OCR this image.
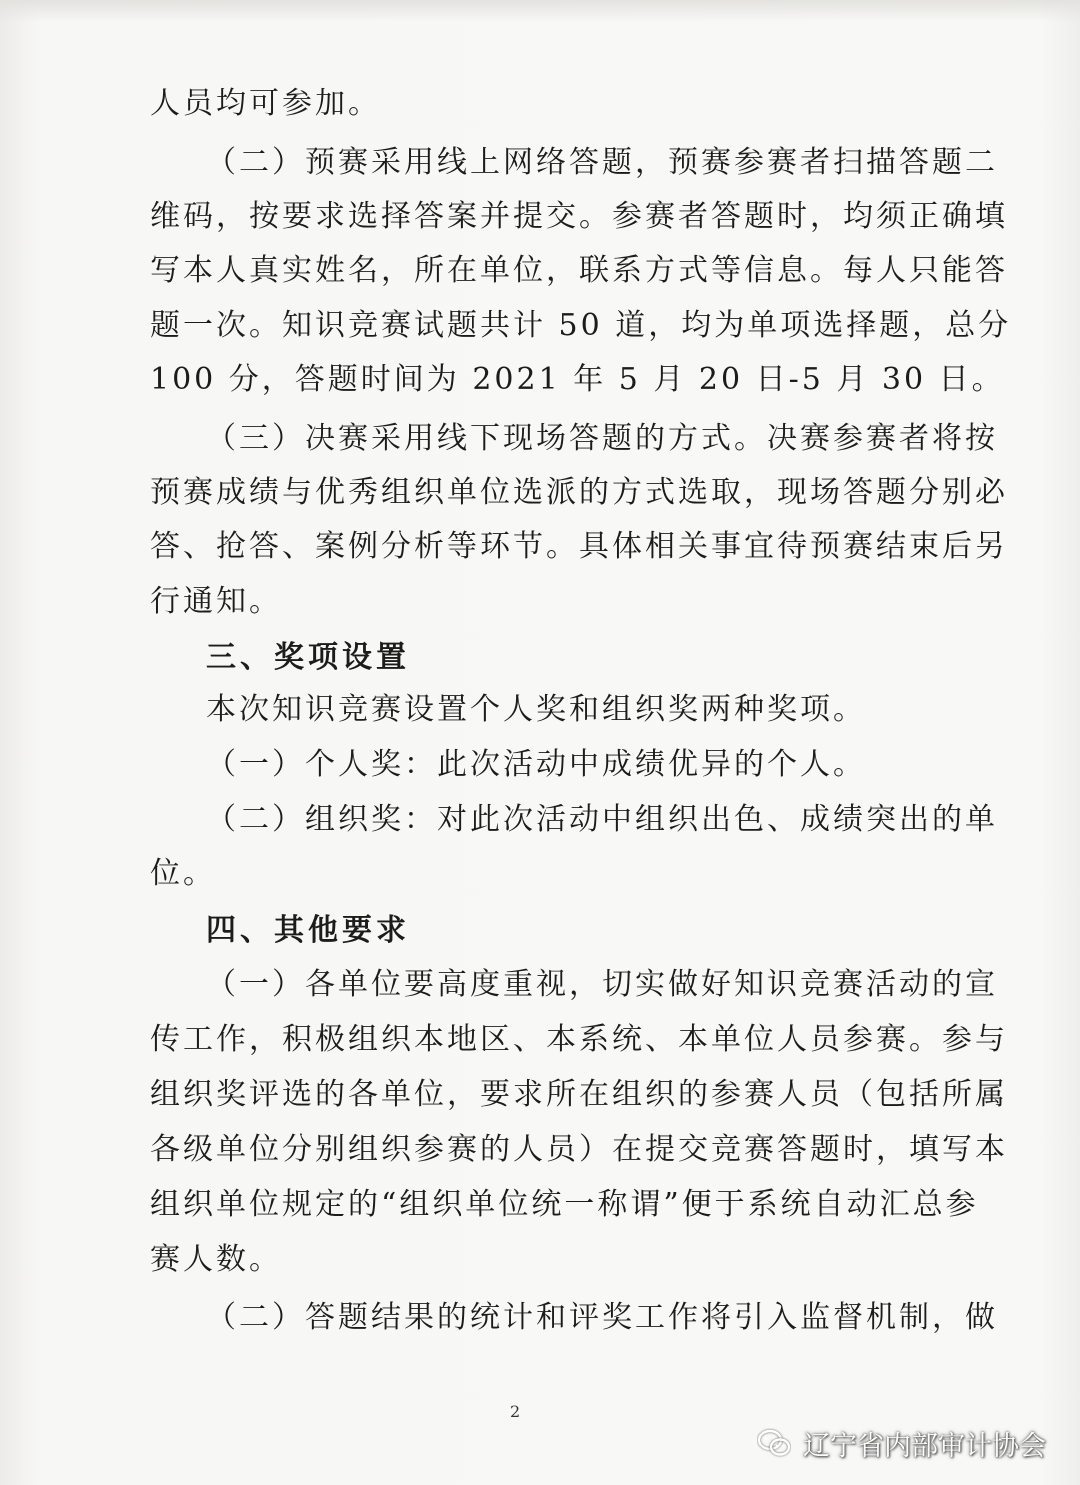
人员均可参加。
（二）预赛采用线上网络答题，预赛参赛者扫描答题二
维码，按要求选择答案并提交。参赛者答题时，均须正确填
写本人真实姓名，所在单位，联系方式等信息。每人只能答
题一次。知识竞赛试题共计 50 道，均为单项选择题，总分
100 分，答题时间为 2021 年 5 月 20 日-5 月 30 日。
（三）决赛采用线下现场答题的方式。决赛参赛者将按
预赛成绩与优秀组织单位选派的方式选取，现场答题分别必
答、抢答、案例分析等环节。具体相关事宜待预赛结束后另
行通知。
三、奖项设置
本次知识竞赛设置个人奖和组织奖两种奖项。
（一）个人奖：此次活动中成绩优异的个人。
（二）组织奖：对此次活动中组织出色、成绩突出的单
位。
四、其他要求
（一）各单位要高度重视，切实做好知识竞赛活动的宣
传工作，积极组织本地区、本系统、本单位人员参赛。参与
组织奖评选的各单位，要求所在组织的参赛人员（包括所属
各级单位分别组织参赛的人员）在提交竞赛答题时，填写本
组织单位规定的“组织单位统一称谓”便于系统自动汇总参
赛人数。
（二）答题结果的统计和评奖工作将引入监督机制，做
2
辽宁省内部审计协会
